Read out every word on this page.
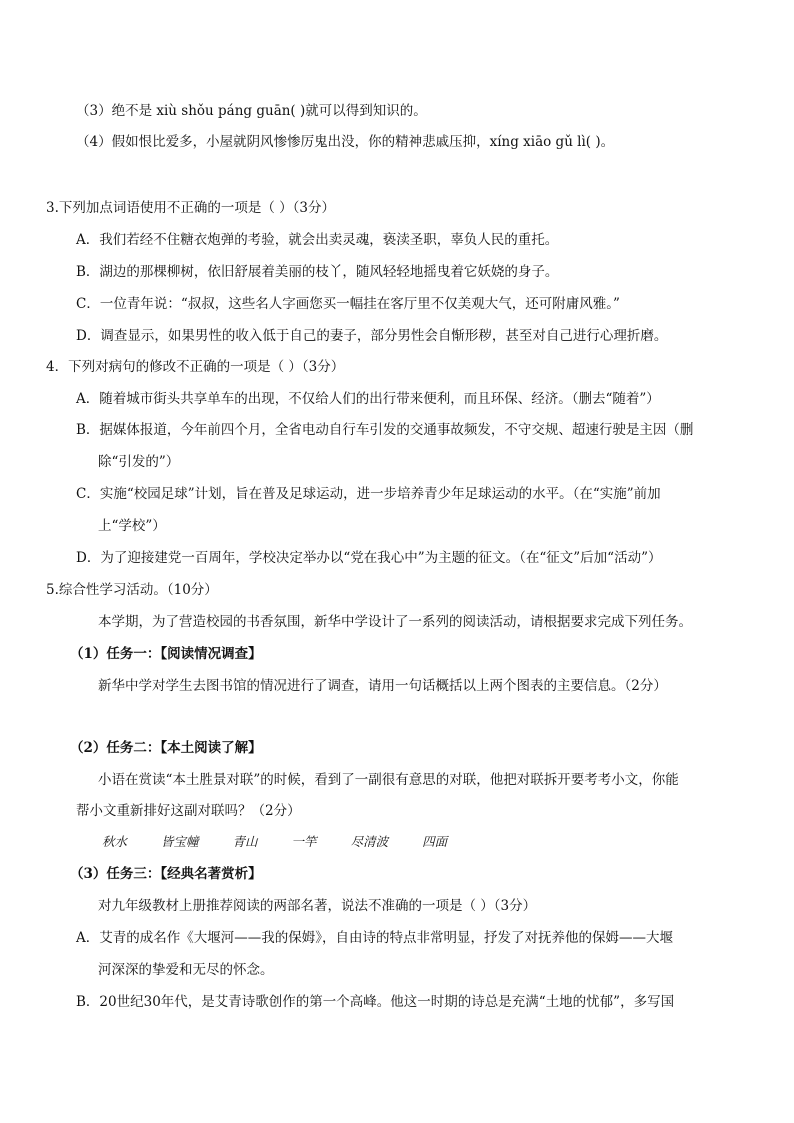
（3）绝不是 xiù shǒu páng guān( )就可以得到知识的。
（4）假如恨比爱多，小屋就阴风惨惨厉鬼出没，你的精神悲戚压抑，xíng xiāo gǔ lì( )。
3.下列加点词语使用不正确的一项是（ ）（3分）
A．我们若经不住糖衣炮弹的考验，就会出卖灵魂，亵渎圣职，辜负人民的重托。
B．湖边的那棵柳树，依旧舒展着美丽的枝丫，随风轻轻地摇曳着它妖娆的身子。
C．一位青年说：“叔叔，这些名人字画您买一幅挂在客厅里不仅美观大气，还可附庸风雅。”
D．调查显示，如果男性的收入低于自己的妻子，部分男性会自惭形秽，甚至对自己进行心理折磨。
4．下列对病句的修改不正确的一项是（ ）（3分）
A．随着城市街头共享单车的出现，不仅给人们的出行带来便利，而且环保、经济。（删去“随着”）
B．据媒体报道，今年前四个月，全省电动自行车引发的交通事故频发，不守交规、超速行驶是主因（删
除“引发的”）
C．实施“校园足球”计划，旨在普及足球运动，进一步培养青少年足球运动的水平。（在“实施”前加
上“学校”）
D．为了迎接建党一百周年，学校决定举办以“党在我心中”为主题的征文。（在“征文”后加“活动”）
5.综合性学习活动。（10分）
本学期，为了营造校园的书香氛围，新华中学设计了一系列的阅读活动，请根据要求完成下列任务。
（1）任务一：【阅读情况调查】
新华中学对学生去图书馆的情况进行了调查，请用一句话概括以上两个图表的主要信息。（2分）
（2）任务二：【本土阅读了解】
小语在赏读“本土胜景对联”的时候，看到了一副很有意思的对联，他把对联拆开要考考小文，你能
帮小文重新排好这副对联吗？（2分）
秋水	皆宝幢	青山	一竿	尽清波	四面
（3）任务三：【经典名著赏析】
对九年级教材上册推荐阅读的两部名著，说法不准确的一项是（ ）（3分）
A．艾青的成名作《大堰河——我的保姆》，自由诗的特点非常明显，抒发了对抚养他的保姆——大堰
河深深的挚爱和无尽的怀念。
B．20世纪30年代，是艾青诗歌创作的第一个高峰。他这一时期的诗总是充满“土地的忧郁”，多写国
